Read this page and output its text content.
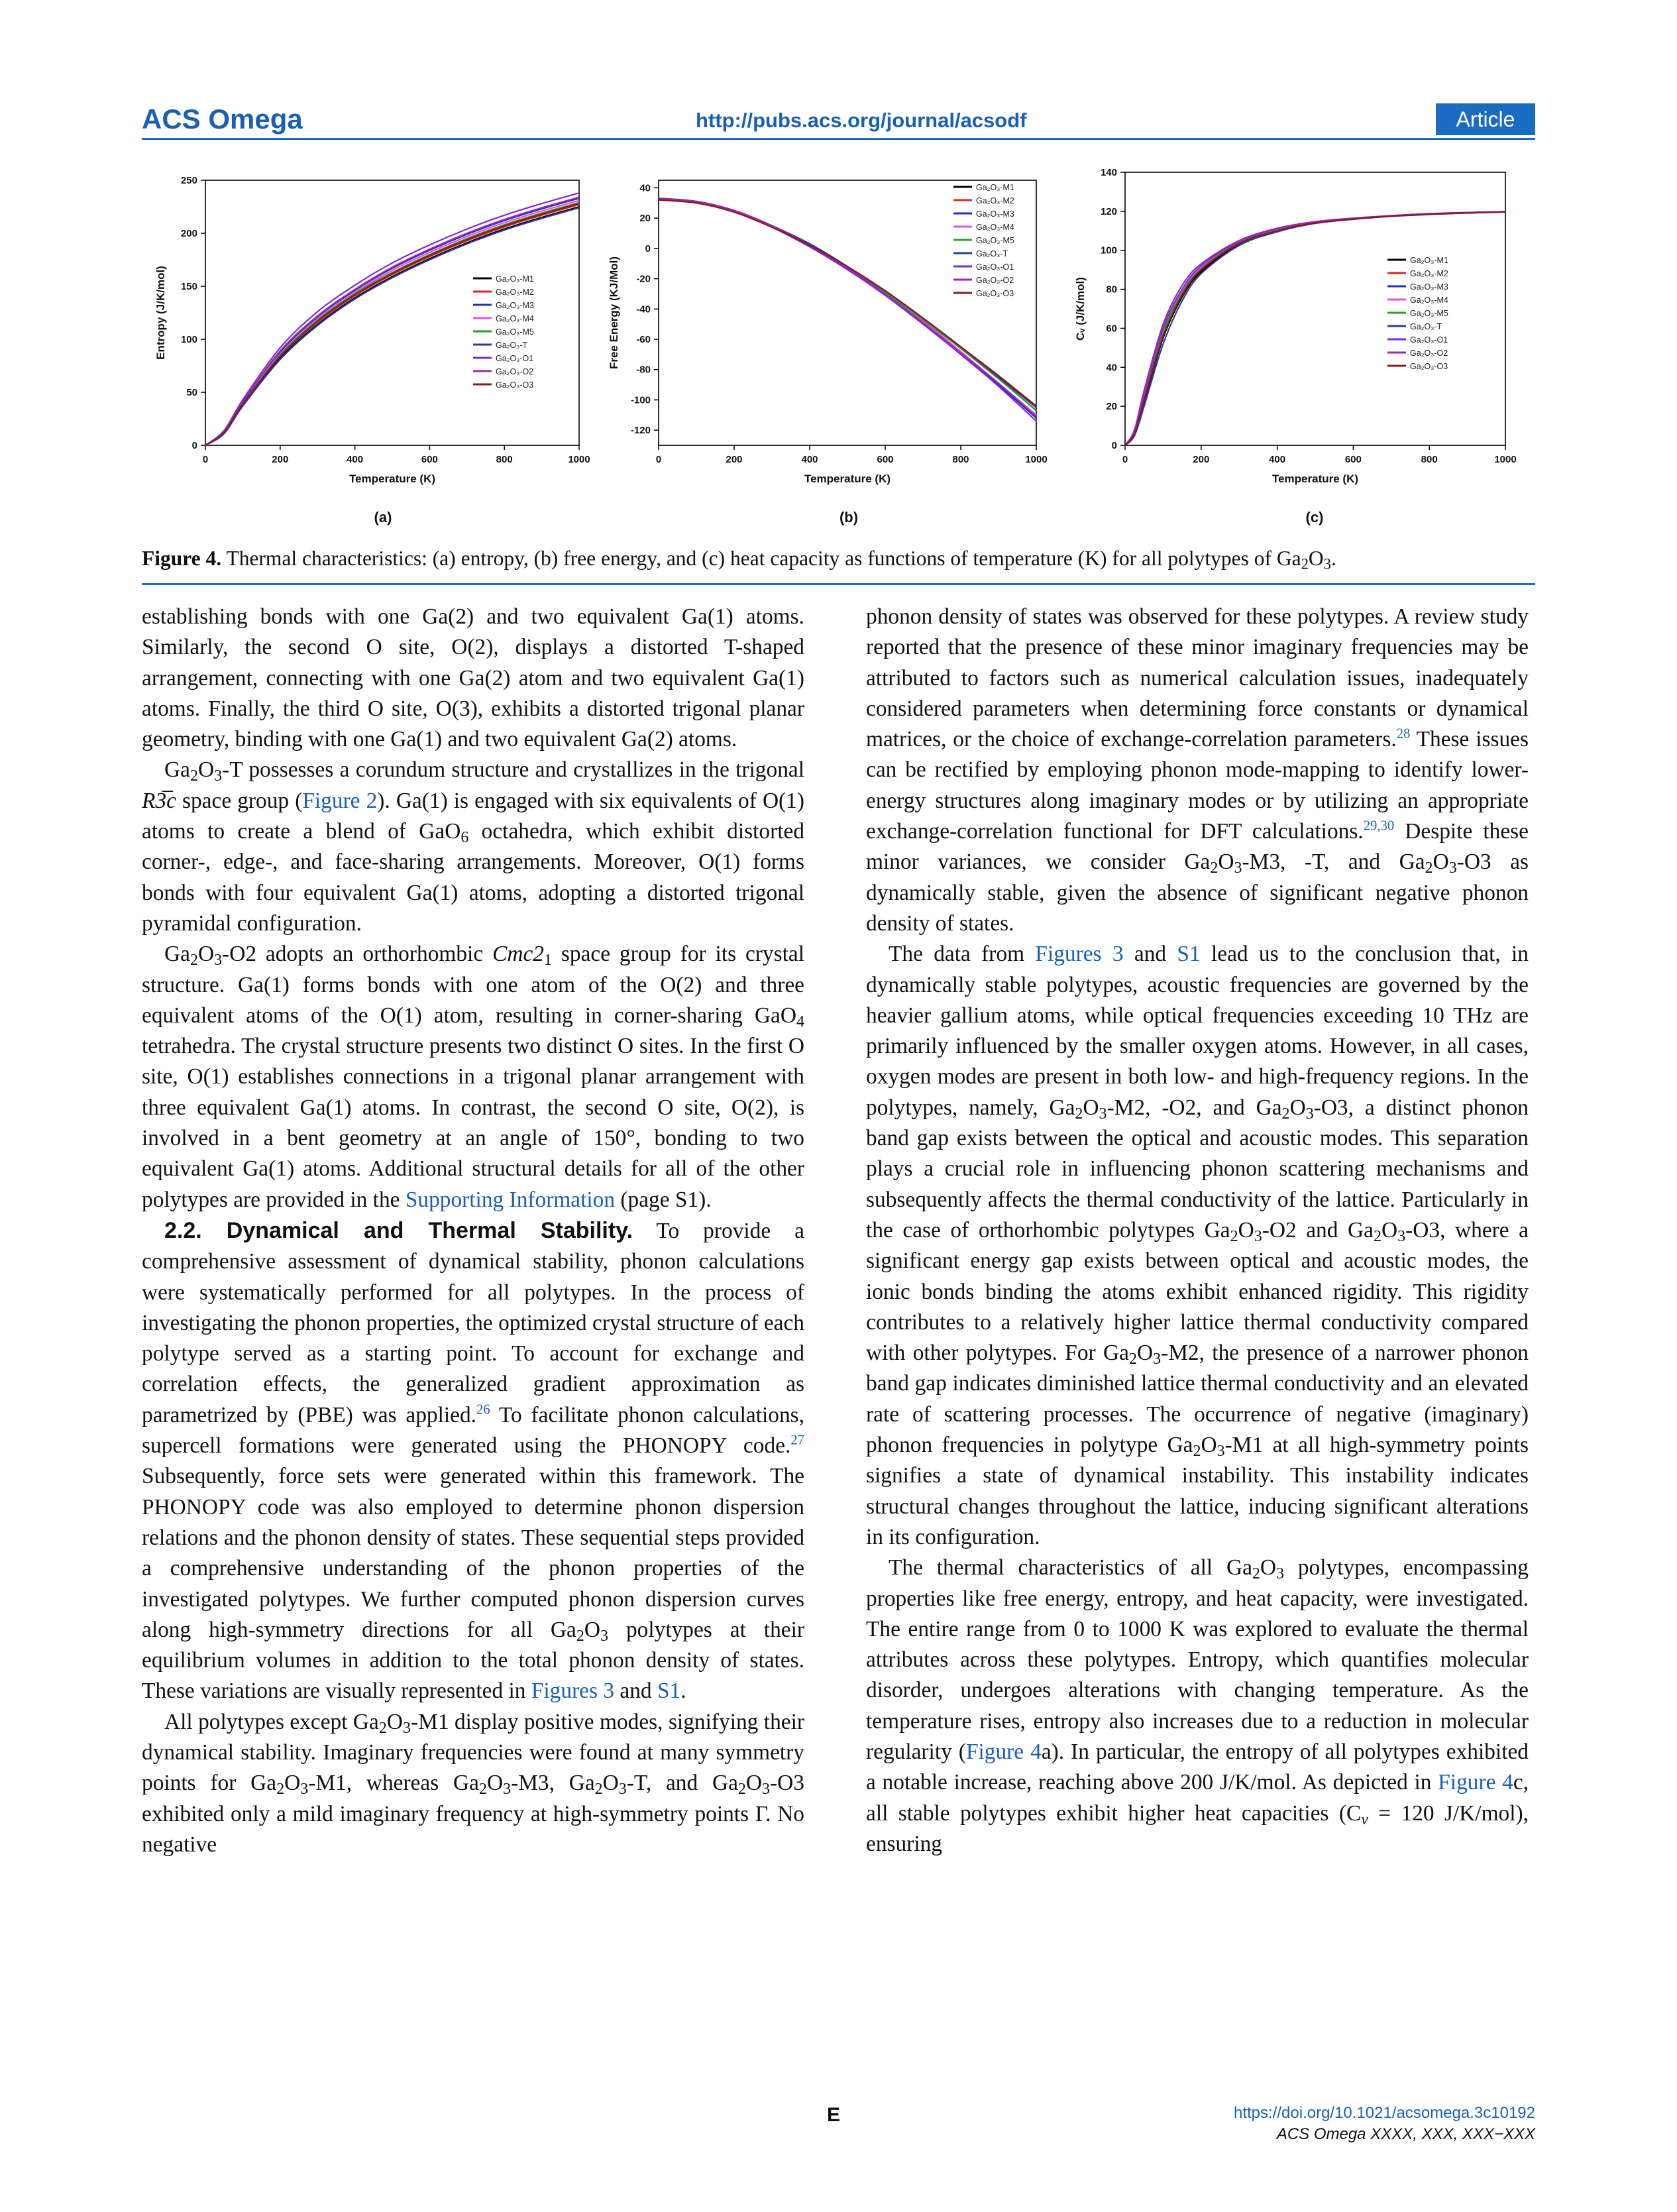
ACS Omega	http://pubs.acs.org/journal/acsodf	Article
0	200	400	600	800	1000
0
50
100
150
200
250
Temperature (K)
Entropy (J/K/mol)
(a)
Ga₂O₃-M1
Ga₂O₃-M2
Ga₂O₃-M3
Ga₂O₃-M4
Ga₂O₃-M5
Ga₂O₃-T
Ga₂O₃-O1
Ga₂O₃-O2
Ga₂O₃-O3
0	200	400	600	800	1000
40
20
0
-20
-40
-60
-80
-100
-120
Temperature (K)
Free Energy (KJ/Mol)
(b)
Ga₂O₃-M1
Ga₂O₃-M2
Ga₂O₃-M3
Ga₂O₃-M4
Ga₂O₃-M5
Ga₂O₃-T
Ga₂O₃-O1
Ga₂O₃-O2
Ga₂O₃-O3
0	200	400	600	800	1000
0
20
40
60
80
100
120
140
Temperature (K)
Cᵥ (J/K/mol)
(c)
Ga₂O₃-M1
Ga₂O₃-M2
Ga₂O₃-M3
Ga₂O₃-M4
Ga₂O₃-M5
Ga₂O₃-T
Ga₂O₃-O1
Ga₂O₃-O2
Ga₂O₃-O3
Figure 4. Thermal characteristics: (a) entropy, (b) free energy, and (c) heat capacity as functions of temperature (K) for all polytypes of $Ga_2O_3$.

establishing bonds with one Ga(2) and two equivalent Ga(1) atoms. Similarly, the second O site, O(2), displays a distorted T-shaped arrangement, connecting with one Ga(2) atom and two equivalent Ga(1) atoms. Finally, the third O site, O(3), exhibits a distorted trigonal planar geometry, binding with one Ga(1) and two equivalent Ga(2) atoms.

$Ga_2O_3-T$ possesses a corundum structure and crystallizes in the trigonal R3̅c space group (Figure 2). Ga(1) is engaged with six equivalents of O(1) atoms to create a blend of GaO$_6$ octahedra, which exhibit distorted corner-, edge-, and face-sharing arrangements. Moreover, O(1) forms bonds with four equivalent Ga(1) atoms, adopting a distorted trigonal pyramidal configuration.

$Ga_2O_3-O2$ adopts an orthorhombic $Cmc2_1$ space group for its crystal structure. Ga(1) forms bonds with one atom of the O(2) and three equivalent atoms of the O(1) atom, resulting in corner-sharing GaO$_4$ tetrahedra. The crystal structure presents two distinct O sites. In the first O site, O(1) establishes connections in a trigonal planar arrangement with three equivalent Ga(1) atoms. In contrast, the second O site, O(2), is involved in a bent geometry at an angle of 150°, bonding to two equivalent Ga(1) atoms. Additional structural details for all of the other polytypes are provided in the Supporting Information (page S1).

2.2. Dynamical and Thermal Stability. To provide a comprehensive assessment of dynamical stability, phonon calculations were systematically performed for all polytypes. In the process of investigating the phonon properties, the optimized crystal structure of each polytype served as a starting point. To account for exchange and correlation effects, the generalized gradient approximation as parametrized by (PBE) was applied.$^{26}$ To facilitate phonon calculations, supercell formations were generated using the PHONOPY code.$^{27}$ Subsequently, force sets were generated within this framework. The PHONOPY code was also employed to determine phonon dispersion relations and the phonon density of states. These sequential steps provided a comprehensive understanding of the phonon properties of the investigated polytypes. We further computed phonon dispersion curves along high-symmetry directions for all $Ga_2O_3$ polytypes at their equilibrium volumes in addition to the total phonon density of states. These variations are visually represented in Figures 3 and S1.

All polytypes except $Ga_2O_3-M1$ display positive modes, signifying their dynamical stability. Imaginary frequencies were found at many symmetry points for $Ga_2O_3-M1$, whereas $Ga_2O_3-M3$, $Ga_2O_3-T$, and $Ga_2O_3-O3$ exhibited only a mild imaginary frequency at high-symmetry points Γ. No negative

phonon density of states was observed for these polytypes. A review study reported that the presence of these minor imaginary frequencies may be attributed to factors such as numerical calculation issues, inadequately considered parameters when determining force constants or dynamical matrices, or the choice of exchange-correlation parameters.$^{28}$ These issues can be rectified by employing phonon mode-mapping to identify lower-energy structures along imaginary modes or by utilizing an appropriate exchange-correlation functional for DFT calculations.$^{29,30}$ Despite these minor variances, we consider $Ga_2O_3-M3$, -T, and $Ga_2O_3-O3$ as dynamically stable, given the absence of significant negative phonon density of states.

The data from Figures 3 and S1 lead us to the conclusion that, in dynamically stable polytypes, acoustic frequencies are governed by the heavier gallium atoms, while optical frequencies exceeding 10 THz are primarily influenced by the smaller oxygen atoms. However, in all cases, oxygen modes are present in both low- and high-frequency regions. In the polytypes, namely, $Ga_2O_3-M2$, -O2, and $Ga_2O_3-O3$, a distinct phonon band gap exists between the optical and acoustic modes. This separation plays a crucial role in influencing phonon scattering mechanisms and subsequently affects the thermal conductivity of the lattice. Particularly in the case of orthorhombic polytypes $Ga_2O_3-O2$ and $Ga_2O_3-O3$, where a significant energy gap exists between optical and acoustic modes, the ionic bonds binding the atoms exhibit enhanced rigidity. This rigidity contributes to a relatively higher lattice thermal conductivity compared with other polytypes. For $Ga_2O_3-M2$, the presence of a narrower phonon band gap indicates diminished lattice thermal conductivity and an elevated rate of scattering processes. The occurrence of negative (imaginary) phonon frequencies in polytype $Ga_2O_3-M1$ at all high-symmetry points signifies a state of dynamical instability. This instability indicates structural changes throughout the lattice, inducing significant alterations in its configuration.

The thermal characteristics of all $Ga_2O_3$ polytypes, encompassing properties like free energy, entropy, and heat capacity, were investigated. The entire range from 0 to 1000 K was explored to evaluate the thermal attributes across these polytypes. Entropy, which quantifies molecular disorder, undergoes alterations with changing temperature. As the temperature rises, entropy also increases due to a reduction in molecular regularity (Figure 4a). In particular, the entropy of all polytypes exhibited a notable increase, reaching above 200 J/K/mol. As depicted in Figure 4c, all stable polytypes exhibit higher heat capacities ($C_v = 120$ J/K/mol), ensuring

E	https://doi.org/10.1021/acsomega.3c10192
ACS Omega XXXX, XXX, XXX−XXX
